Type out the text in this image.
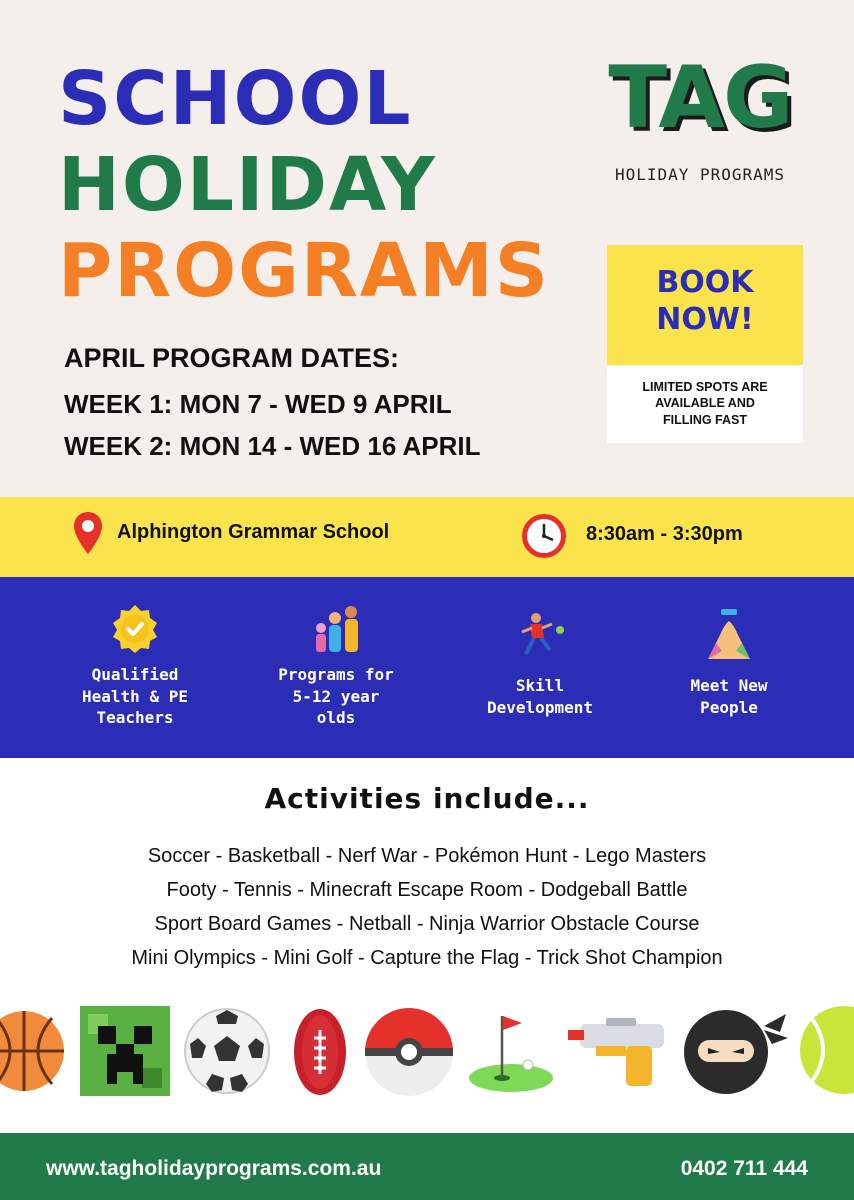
SCHOOL
HOLIDAY
PROGRAMS
TAG
HOLIDAY PROGRAMS
BOOK
NOW!
LIMITED SPOTS ARE
AVAILABLE AND
FILLING FAST
APRIL PROGRAM DATES:
WEEK 1: MON 7 - WED 9 APRIL
WEEK 2: MON 14 - WED 16 APRIL
Alphington Grammar School	8:30am - 3:30pm
Qualified
Health & PE
Teachers
Programs for
5-12 year
olds
Skill
Development
Meet New
People
Activities include...
Soccer - Basketball - Nerf War - Pokémon Hunt - Lego Masters
Footy - Tennis - Minecraft Escape Room - Dodgeball Battle
Sport Board Games - Netball - Ninja Warrior Obstacle Course
Mini Olympics - Mini Golf - Capture the Flag - Trick Shot Champion
www.tagholidayprograms.com.au	0402 711 444
